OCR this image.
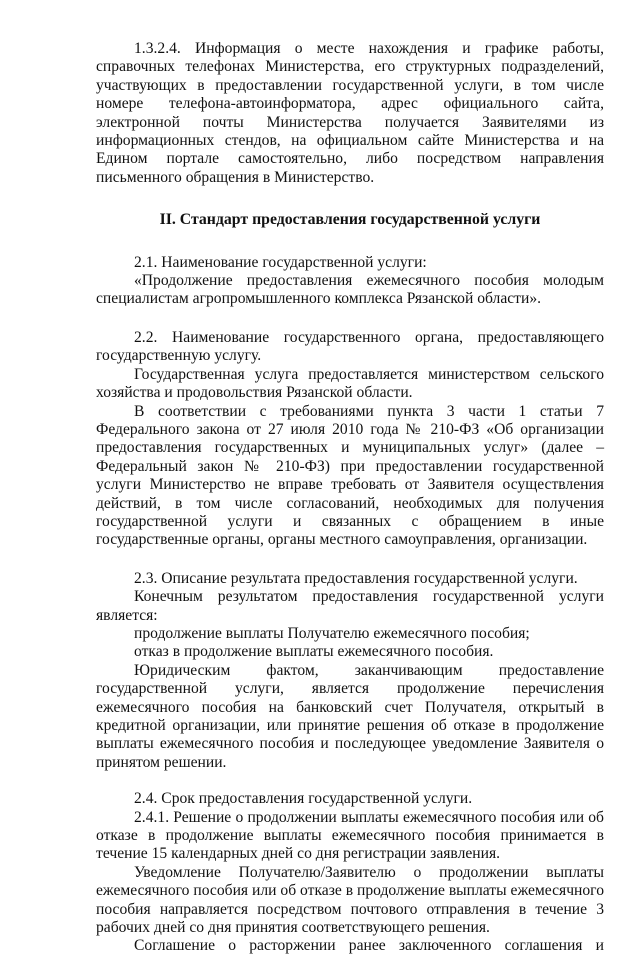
1.3.2.4. Информация о месте нахождения и графике работы, справочных телефонах Министерства, его структурных подразделений, участвующих в предоставлении государственной услуги, в том числе номере телефона-автоинформатора, адрес официального сайта, электронной почты Министерства получается Заявителями из информационных стендов, на официальном сайте Министерства и на Едином портале самостоятельно, либо посредством направления письменного обращения в Министерство.

II. Стандарт предоставления государственной услуги

2.1. Наименование государственной услуги:

«Продолжение предоставления ежемесячного пособия молодым специалистам агропромышленного комплекса Рязанской области».

2.2. Наименование государственного органа, предоставляющего государственную услугу.

Государственная услуга предоставляется министерством сельского хозяйства и продовольствия Рязанской области.

В соответствии с требованиями пункта 3 части 1 статьи 7 Федерального закона от 27 июля 2010 года № 210-ФЗ «Об организации предоставления государственных и муниципальных услуг» (далее – Федеральный закон № 210-ФЗ) при предоставлении государственной услуги Министерство не вправе требовать от Заявителя осуществления действий, в том числе согласований, необходимых для получения государственной услуги и связанных с обращением в иные государственные органы, органы местного самоуправления, организации.

2.3. Описание результата предоставления государственной услуги.

Конечным результатом предоставления государственной услуги является:

продолжение выплаты Получателю ежемесячного пособия;

отказ в продолжение выплаты ежемесячного пособия.

Юридическим фактом, заканчивающим предоставление государственной услуги, является продолжение перечисления ежемесячного пособия на банковский счет Получателя, открытый в кредитной организации, или принятие решения об отказе в продолжение выплаты ежемесячного пособия и последующее уведомление Заявителя о принятом решении.

2.4. Срок предоставления государственной услуги.

2.4.1. Решение о продолжении выплаты ежемесячного пособия или об отказе в продолжение выплаты ежемесячного пособия принимается в течение 15 календарных дней со дня регистрации заявления.

Уведомление Получателю/Заявителю о продолжении выплаты ежемесячного пособия или об отказе в продолжение выплаты ежемесячного пособия направляется посредством почтового отправления в течение 3 рабочих дней со дня принятия соответствующего решения.

Соглашение о расторжении ранее заключенного соглашения и
